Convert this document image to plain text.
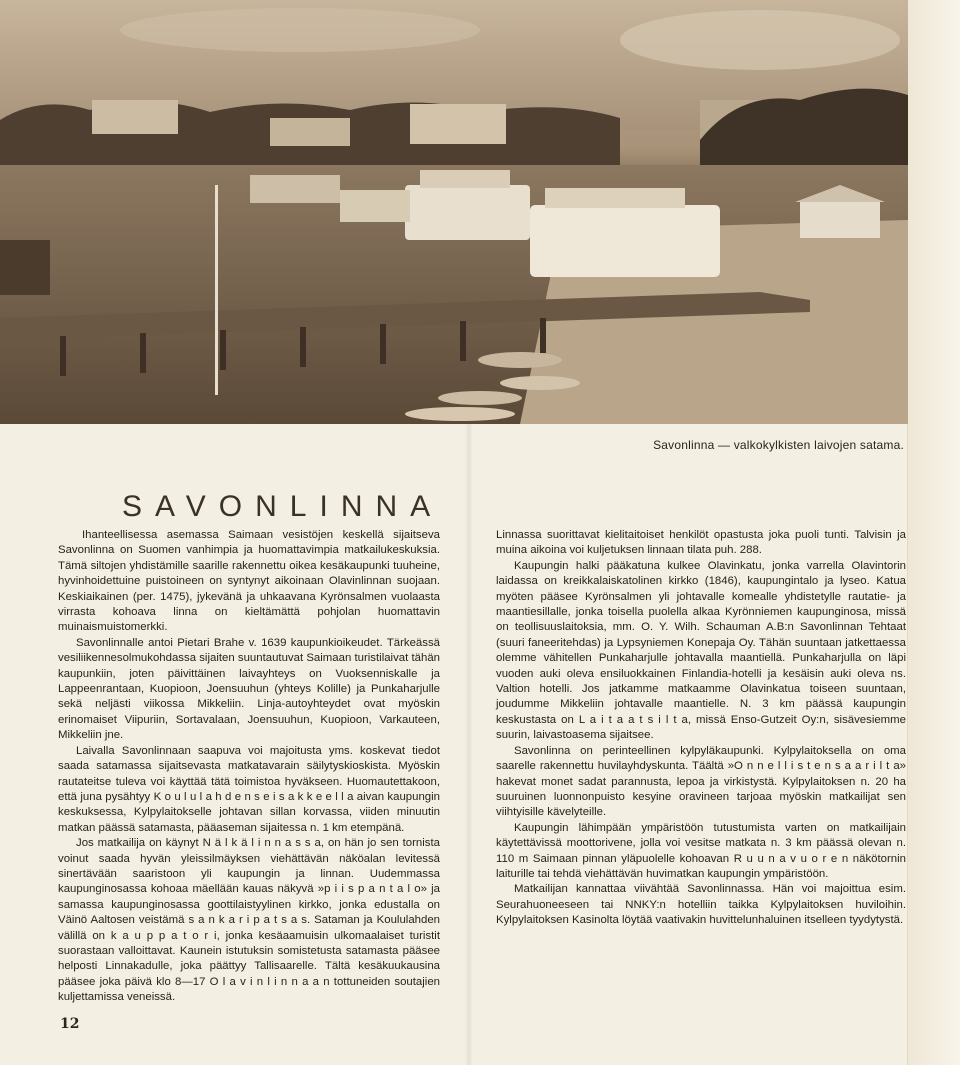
Savonlinna — valkokylkisten laivojen satama.
SAVONLINNA

Ihanteellisessa asemassa Saimaan vesistöjen keskellä sijaitseva Savonlinna on Suomen vanhimpia ja huomattavimpia matkailukeskuksia. Tämä siltojen yhdistämille saarille rakennettu oikea kesäkaupunki tuuheine, hyvinhoidettuine puistoineen on syntynyt aikoinaan Olavinlinnan suojaan. Keskiaikainen (per. 1475), jykevänä ja uhkaavana Kyrönsalmen vuolaasta virrasta kohoava linna on kieltämättä pohjolan huomattavin muinaismuistomerkki.

Savonlinnalle antoi Pietari Brahe v. 1639 kaupunkioikeudet. Tärkeässä vesiliikennesolmukohdassa sijaiten suuntautuvat Saimaan turistilaivat tähän kaupunkiin, joten päivittäinen laivayhteys on Vuoksenniskalle ja Lappeenrantaan, Kuopioon, Joensuuhun (yhteys Kolille) ja Punkaharjulle sekä neljästi viikossa Mikkeliin. Linja-autoyhteydet ovat myöskin erinomaiset Viipuriin, Sortavalaan, Joensuuhun, Kuopioon, Varkauteen, Mikkeliin jne.

Laivalla Savonlinnaan saapuva voi majoitusta yms. koskevat tiedot saada satamassa sijaitsevasta matkatavarain säilytyskioskista. Myöskin rautateitse tuleva voi käyttää tätä toimistoa hyväkseen. Huomautettakoon, että juna pysähtyy K o u l u l a h d e n s e i s a k k e e l l a aivan kaupungin keskuksessa, Kylpylaitokselle johtavan sillan korvassa, viiden minuutin matkan päässä satamasta, pääaseman sijaitessa n. 1 km etempänä.

Jos matkailija on käynyt N ä l k ä l i n n a s s a, on hän jo sen tornista voinut saada hyvän yleissilmäyksen viehättävän näköalan levitessä sinertävään saaristoon yli kaupungin ja linnan. Uudemmassa kaupunginosassa kohoaa mäellään kauas näkyvä »p i i s p a n t a l o» ja samassa kaupunginosassa goottilaistyylinen kirkko, jonka edustalla on Väinö Aaltosen veistämä s a n k a r i p a t s a s. Sataman ja Koululahden välillä on k a u p p a t o r i, jonka kesäaamuisin ulkomaalaiset turistit suorastaan valloittavat. Kaunein istutuksin somistetusta satamasta pääsee helposti Linnakadulle, joka päättyy Tallisaarelle. Tältä kesäkuukausina pääsee joka päivä klo 8—17 O l a v i n l i n n a a n tottuneiden soutajien kuljettamissa veneissä.

Linnassa suorittavat kielitaitoiset henkilöt opastusta joka puoli tunti. Talvisin ja muina aikoina voi kuljetuksen linnaan tilata puh. 288.

Kaupungin halki pääkatuna kulkee Olavinkatu, jonka varrella Olavintorin laidassa on kreikkalaiskatolinen kirkko (1846), kaupungintalo ja lyseo. Katua myöten pääsee Kyrönsalmen yli johtavalle komealle yhdistetylle rautatie- ja maantiesillalle, jonka toisella puolella alkaa Kyrönniemen kaupunginosa, missä on teollisuuslaitoksia, mm. O. Y. Wilh. Schauman A.B:n Savonlinnan Tehtaat (suuri faneeritehdas) ja Lypsyniemen Konepaja Oy. Tähän suuntaan jatkettaessa olemme vähitellen Punkaharjulle johtavalla maantiellä. Punkaharjulla on läpi vuoden auki oleva ensiluokkainen Finlandia-hotelli ja kesäisin auki oleva ns. Valtion hotelli. Jos jatkamme matkaamme Olavinkatua toiseen suuntaan, joudumme Mikkeliin johtavalle maantielle. N. 3 km päässä kaupungin keskustasta on L a i t a a t s i l t a, missä Enso-Gutzeit Oy:n, sisävesiemme suurin, laivastoasema sijaitsee.

Savonlinna on perinteellinen kylpyläkaupunki. Kylpylaitoksella on oma saarelle rakennettu huvilayhdyskunta. Täältä »O n n e l l i s t e n s a a r i l t a» hakevat monet sadat parannusta, lepoa ja virkistystä. Kylpylaitoksen n. 20 ha suuruinen luonnonpuisto kesyine oravineen tarjoaa myöskin matkailijat sen viihtyisille kävelyteille.

Kaupungin lähimpään ympäristöön tutustumista varten on matkailijain käytettävissä moottorivene, jolla voi vesitse matkata n. 3 km päässä olevan n. 110 m Saimaan pinnan yläpuolelle kohoavan R u u n a v u o r e n näkötornin laiturille tai tehdä viehättävän huvimatkan kaupungin ympäristöön.

Matkailijan kannattaa viivähtää Savonlinnassa. Hän voi majoittua esim. Seurahuoneeseen tai NNKY:n hotelliin taikka Kylpylaitoksen huviloihin. Kylpylaitoksen Kasinolta löytää vaativakin huvittelunhaluinen itselleen tyydytystä.

12
